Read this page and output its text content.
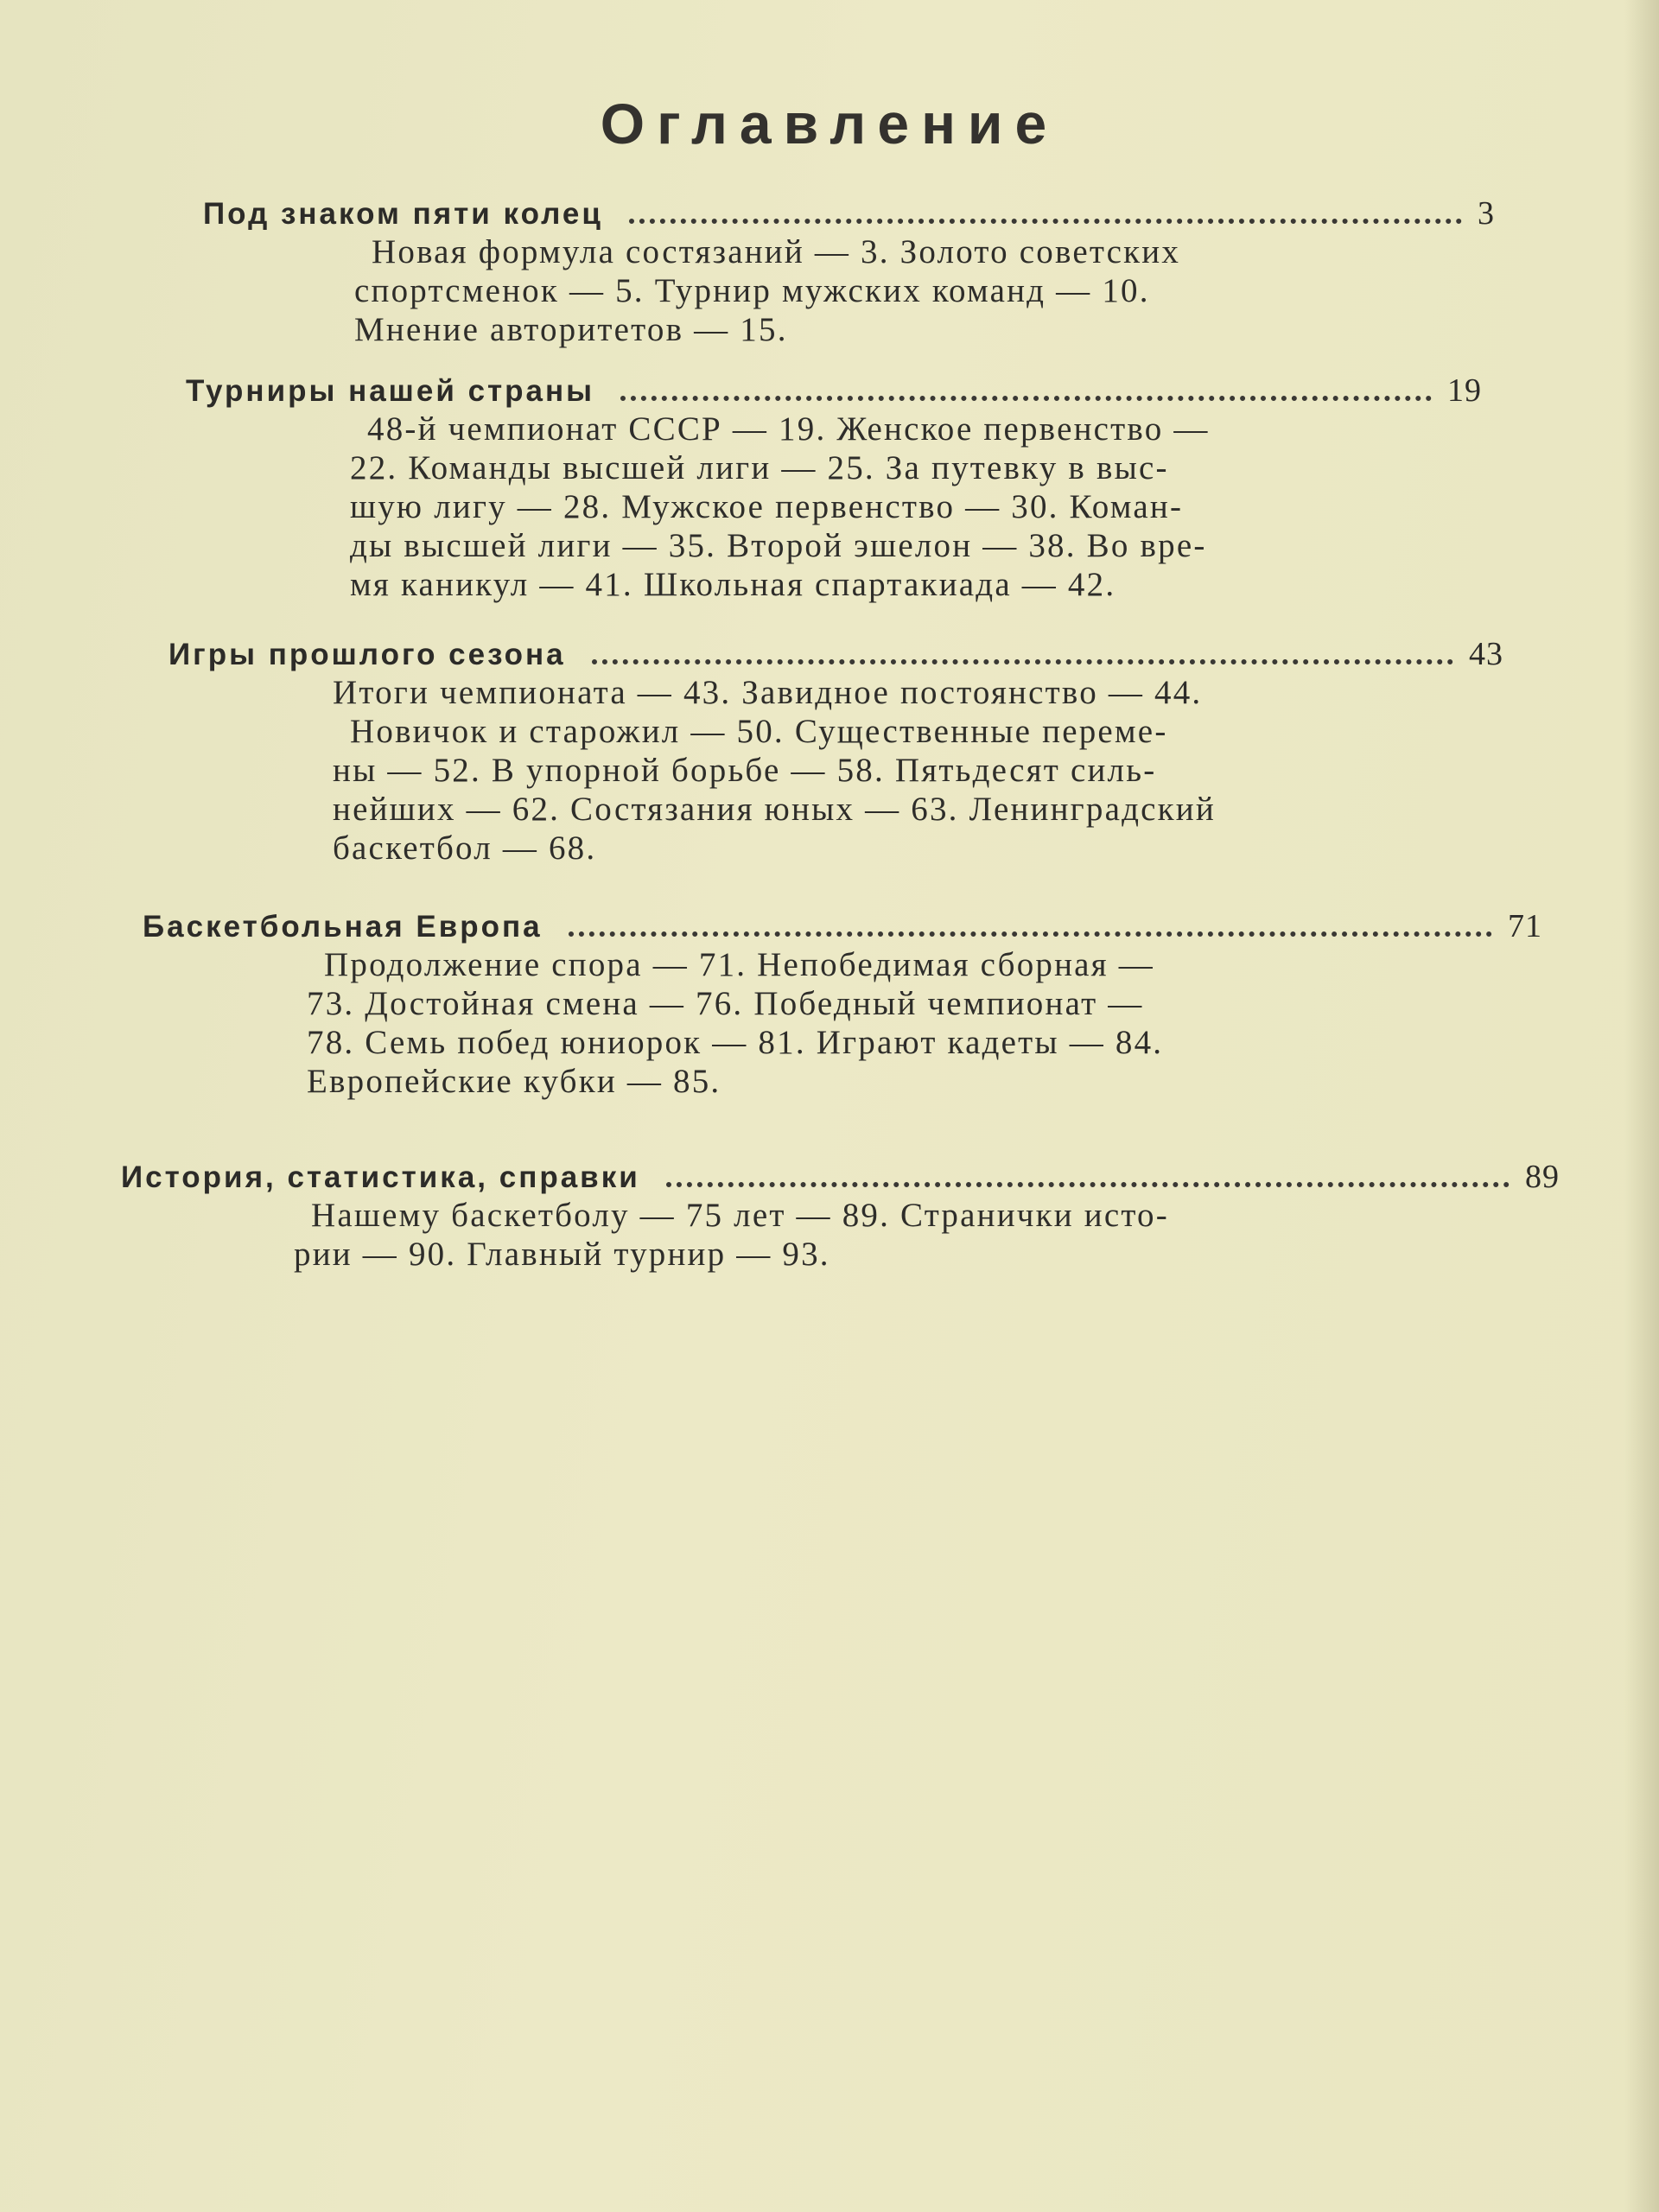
Оглавление
Под знаком пяти колец	3
Новая формула состязаний — 3. Золото советских
спортсменок — 5. Турнир мужских команд — 10.
Мнение авторитетов — 15.
Турниры нашей страны	19
48-й чемпионат СССР — 19. Женское первенство —
22. Команды высшей лиги — 25. За путевку в выс-
шую лигу — 28. Мужское первенство — 30. Коман-
ды высшей лиги — 35. Второй эшелон — 38. Во вре-
мя каникул — 41. Школьная спартакиада — 42.
Игры прошлого сезона	43
Итоги чемпионата — 43. Завидное постоянство — 44.
Новичок и старожил — 50. Существенные переме-
ны — 52. В упорной борьбе — 58. Пятьдесят силь-
нейших — 62. Состязания юных — 63. Ленинградский
баскетбол — 68.
Баскетбольная Европа	71
Продолжение спора — 71. Непобедимая сборная —
73. Достойная смена — 76. Победный чемпионат —
78. Семь побед юниорок — 81. Играют кадеты — 84.
Европейские кубки — 85.
История, статистика, справки	89
Нашему баскетболу — 75 лет — 89. Странички исто-
рии — 90. Главный турнир — 93.
